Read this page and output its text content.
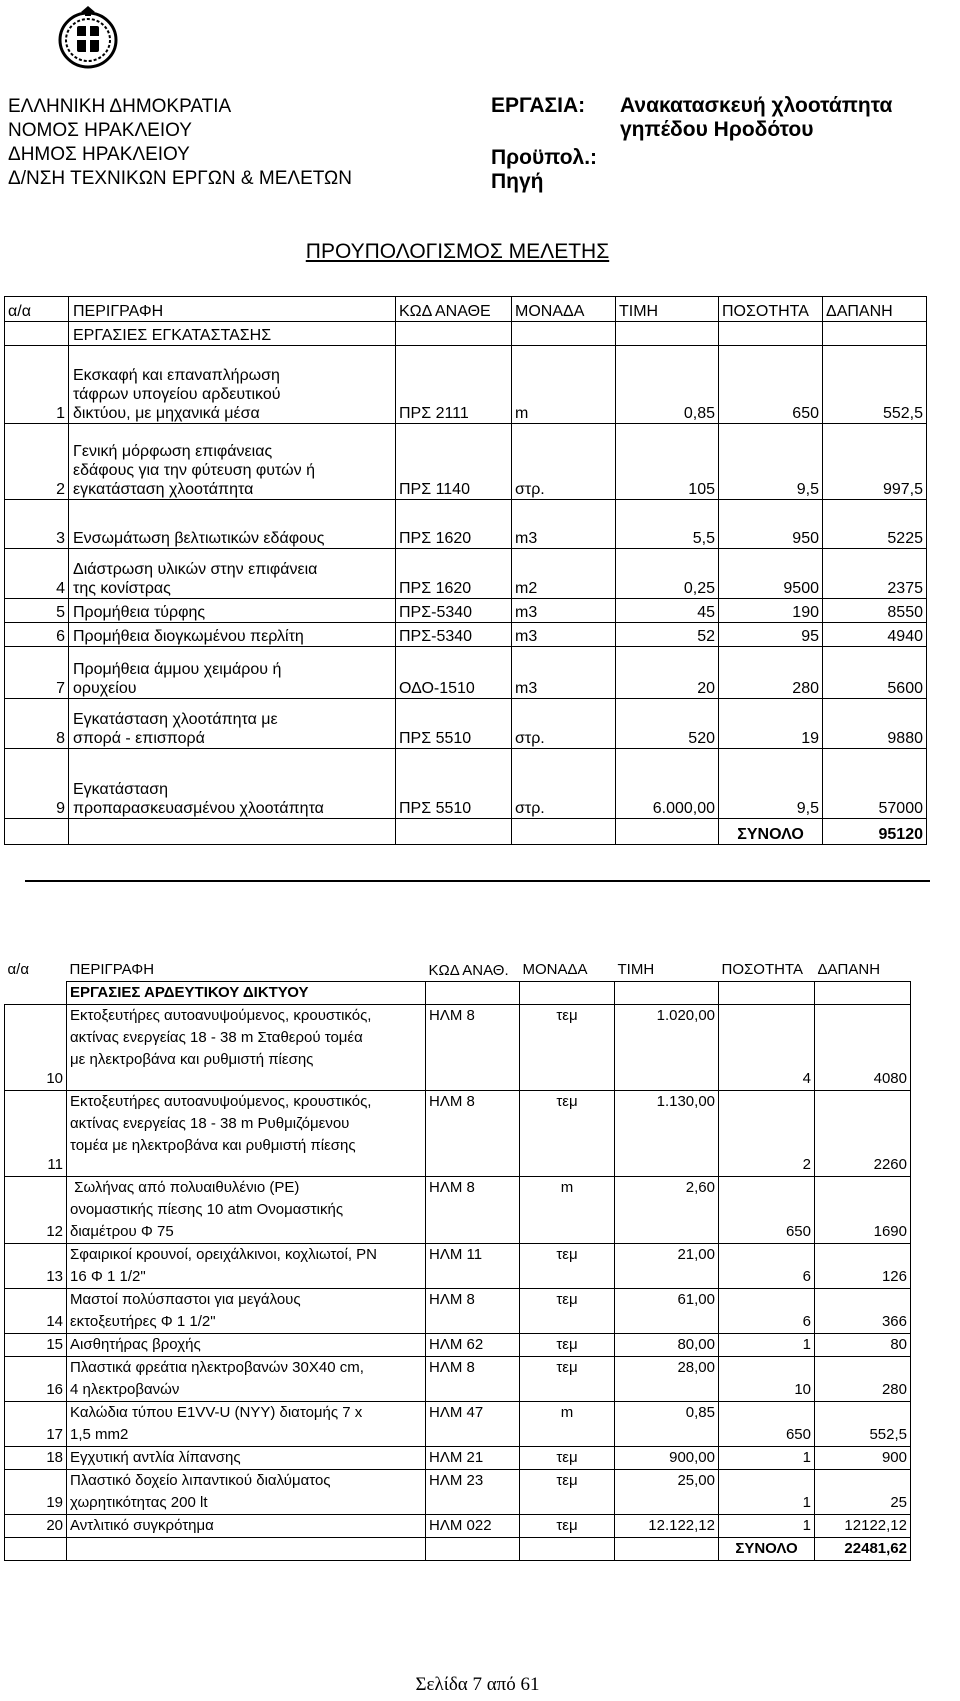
ΕΛΛΗΝΙΚΗ ΔΗΜΟΚΡΑΤΙΑ
ΝΟΜΟΣ ΗΡΑΚΛΕΙΟΥ
ΔΗΜΟΣ ΗΡΑΚΛΕΙΟΥ
Δ/ΝΣΗ ΤΕΧΝΙΚΩΝ ΕΡΓΩΝ & ΜΕΛΕΤΩΝ
ΕΡΓΑΣΙΑ: Ανακατασκευή χλοοτάπητα
γηπέδου Ηροδότου
Προϋπολ.:
Πηγή
ΠΡΟΥΠΟΛΟΓΙΣΜΟΣ ΜΕΛΕΤΗΣ
α/α	ΠΕΡΙΓΡΑΦΗ	ΚΩΔ ΑΝΑΘΕ	ΜΟΝΑΔΑ	ΤΙΜΗ	ΠΟΣΟΤΗΤΑ	ΔΑΠΑΝΗ
	ΕΡΓΑΣΙΕΣ ΕΓΚΑΤΑΣΤΑΣΗΣ					
1	Εκσκαφή και επαναπλήρωση
τάφρων υπογείου αρδευτικού
δικτύου, με μηχανικά μέσα	ΠΡΣ 2111	m	0,85	650	552,5
2	Γενική μόρφωση επιφάνειας
εδάφους για την φύτευση φυτών ή
εγκατάσταση χλοοτάπητα	ΠΡΣ 1140	στρ.	105	9,5	997,5
3	Ενσωμάτωση βελτιωτικών εδάφους	ΠΡΣ 1620	m3	5,5	950	5225
4	Διάστρωση υλικών στην επιφάνεια
της κονίστρας	ΠΡΣ 1620	m2	0,25	9500	2375
5	Προμήθεια τύρφης	ΠΡΣ-5340	m3	45	190	8550
6	Προμήθεια διογκωμένου περλίτη	ΠΡΣ-5340	m3	52	95	4940
7	Προμήθεια άμμου χειμάρου ή
ορυχείου	ΟΔΟ-1510	m3	20	280	5600
8	Εγκατάσταση χλοοτάπητα με
σπορά - επισπορά	ΠΡΣ 5510	στρ.	520	19	9880
9	Εγκατάσταση
προπαρασκευασμένου χλοοτάπητα	ΠΡΣ 5510	στρ.	6.000,00	9,5	57000
					ΣΥΝΟΛΟ	95120
α/α	ΠΕΡΙΓΡΑΦΗ	ΚΩΔ ΑΝΑΘ.	ΜΟΝΑΔΑ	ΤΙΜΗ	ΠΟΣΟΤΗΤΑ	ΔΑΠΑΝΗ
	ΕΡΓΑΣΙΕΣ ΑΡΔΕΥΤΙΚΟΥ ΔΙΚΤΥΟΥ					
10	Εκτοξευτήρες αυτοανυψούμενος, κρουστικός,
ακτίνας ενεργείας 18 - 38 m Σταθερού τομέα
με ηλεκτροβάνα και ρυθμιστή πίεσης	ΗΛΜ 8	τεμ	1.020,00	4	4080
11	Εκτοξευτήρες αυτοανυψούμενος, κρουστικός,
ακτίνας ενεργείας 18 - 38 m Ρυθμιζόμενου
τομέα με ηλεκτροβάνα και ρυθμιστή πίεσης	ΗΛΜ 8	τεμ	1.130,00	2	2260
12	Σωλήνας από πολυαιθυλένιο (PE)
ονομαστικής πίεσης 10 atm Ονομαστικής
διαμέτρου Φ 75	ΗΛΜ 8	m	2,60	650	1690
13	Σφαιρικοί κρουνοί, ορειχάλκινοι, κοχλιωτοί, PN
16 Φ 1 1/2"	ΗΛΜ 11	τεμ	21,00	6	126
14	Μαστοί πολύσπαστοι για μεγάλους
εκτοξευτήρες Φ 1 1/2"	ΗΛΜ 8	τεμ	61,00	6	366
15	Αισθητήρας βροχής	ΗΛΜ 62	τεμ	80,00	1	80
16	Πλαστικά φρεάτια ηλεκτροβανών 30Χ40 cm,
4 ηλεκτροβανών	ΗΛΜ 8	τεμ	28,00	10	280
17	Καλώδια τύπου Ε1VV-U (NYY) διατομής 7 x
1,5 mm2	ΗΛΜ 47	m	0,85	650	552,5
18	Εγχυτική αντλία λίπανσης	ΗΛΜ 21	τεμ	900,00	1	900
19	Πλαστικό δοχείο λιπαντικού διαλύματος
χωρητικότητας 200 lt	ΗΛΜ 23	τεμ	25,00	1	25
20	Αντλιτικό συγκρότημα	ΗΛΜ 022	τεμ	12.122,12	1	12122,12
					ΣΥΝΟΛΟ	22481,62
Σελίδα 7 από 61
